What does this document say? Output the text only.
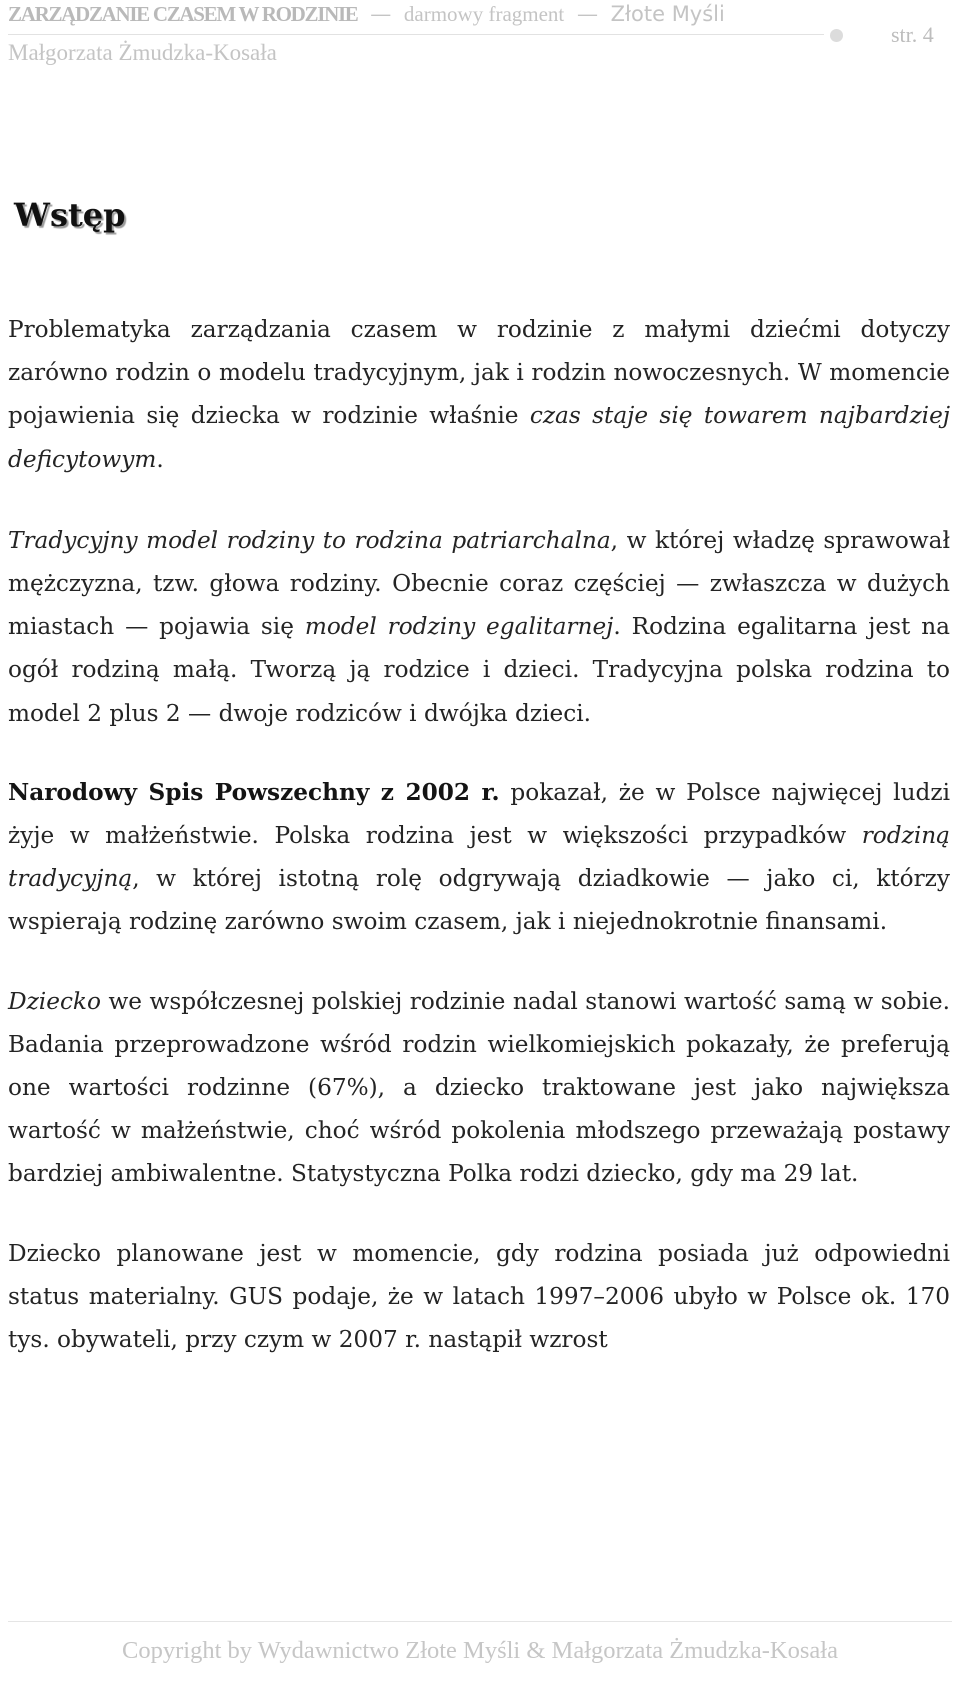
ZARZĄDZANIE CZASEM W RODZINIE — darmowy fragment — Złote Myśli
Małgorzata Żmudzka-Kosała
str. 4
Wstęp

Problematyka zarządzania czasem w rodzinie z małymi dziećmi dotyczy zarówno rodzin o modelu tradycyjnym, jak i rodzin nowoczesnych. W momencie pojawienia się dziecka w rodzinie właśnie czas staje się towarem najbardziej deficytowym.

Tradycyjny model rodziny to rodzina patriarchalna, w której władzę sprawował mężczyzna, tzw. głowa rodziny. Obecnie coraz częściej — zwłaszcza w dużych miastach — pojawia się model rodziny egalitarnej. Rodzina egalitarna jest na ogół rodziną małą. Tworzą ją rodzice i dzieci. Tradycyjna polska rodzina to model 2 plus 2 — dwoje rodziców i dwójka dzieci.

Narodowy Spis Powszechny z 2002 r. pokazał, że w Polsce najwięcej ludzi żyje w małżeństwie. Polska rodzina jest w większości przypadków rodziną tradycyjną, w której istotną rolę odgrywają dziadkowie — jako ci, którzy wspierają rodzinę zarówno swoim czasem, jak i niejednokrotnie finansami.

Dziecko we współczesnej polskiej rodzinie nadal stanowi wartość samą w sobie. Badania przeprowadzone wśród rodzin wielkomiejskich pokazały, że preferują one wartości rodzinne (67%), a dziecko traktowane jest jako największa wartość w małżeństwie, choć wśród pokolenia młodszego przeważają postawy bardziej ambiwalentne. Statystyczna Polka rodzi dziecko, gdy ma 29 lat.

Dziecko planowane jest w momencie, gdy rodzina posiada już odpowiedni status materialny. GUS podaje, że w latach 1997–2006 ubyło w Polsce ok. 170 tys. obywateli, przy czym w 2007 r. nastąpił wzrost

Copyright by Wydawnictwo Złote Myśli & Małgorzata Żmudzka-Kosała
